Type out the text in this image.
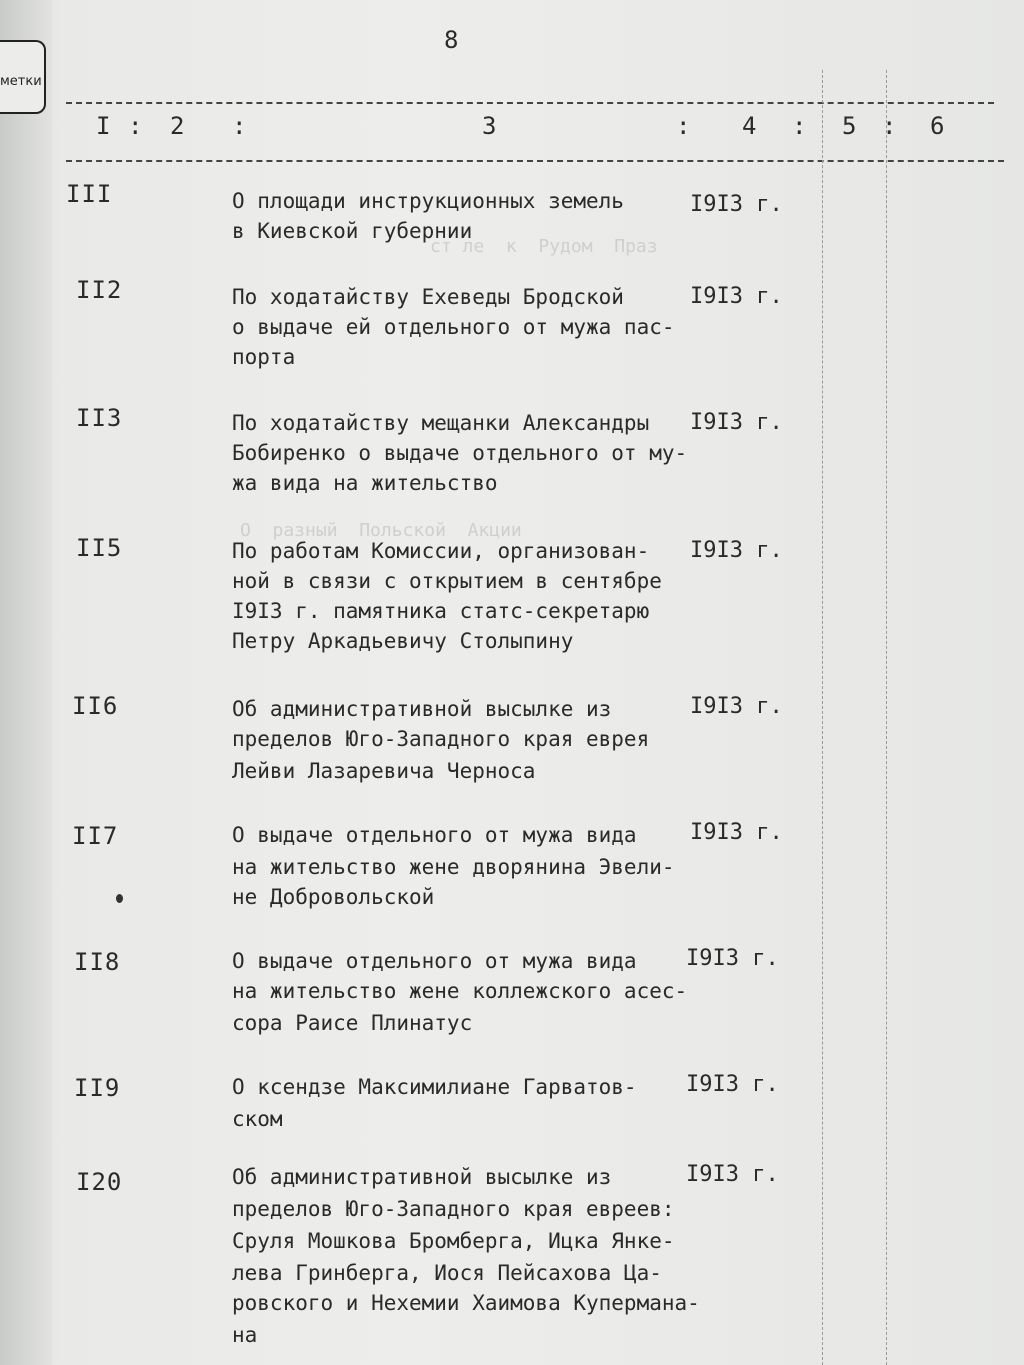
метки
8
ст ле  к  Рудом  Праз
О  разный  Польской  Акции
I : 2 :	3	: 4 : 5 : 6
III	О площади инструкционных земель
в Киевской губернии
I9I3 г.
II2	По ходатайству Ехеведы Бродской
о выдаче ей отдельного от мужа пас-
порта
I9I3 г.
II3	По ходатайству мещанки Александры
Бобиренко о выдаче отдельного от му-
жа вида на жительство
I9I3 г.
II5	По работам Комиссии, организован-
ной в связи с открытием в сентябре
I9I3 г. памятника статс-секретарю
Петру Аркадьевичу Столыпину
I9I3 г.
II6	Об административной высылке из
пределов Юго-Западного края еврея
Лейви Лазаревича Черноса
I9I3 г.
II7	О выдаче отдельного от мужа вида
на жительство жене дворянина Эвели-
не Добровольской
I9I3 г.
II8	О выдаче отдельного от мужа вида
на жительство жене коллежского асес-
сора Раисе Плинатус
I9I3 г.
II9	О ксендзе Максимилиане Гарватов-
ском
I9I3 г.
I20	Об административной высылке из
пределов Юго-Западного края евреев:
Сруля Мошкова Бромберга, Ицка Янке-
лева Гринберга, Иося Пейсахова Ца-
ровского и Нехемии Хаимова Купермана-
на
I9I3 г.
